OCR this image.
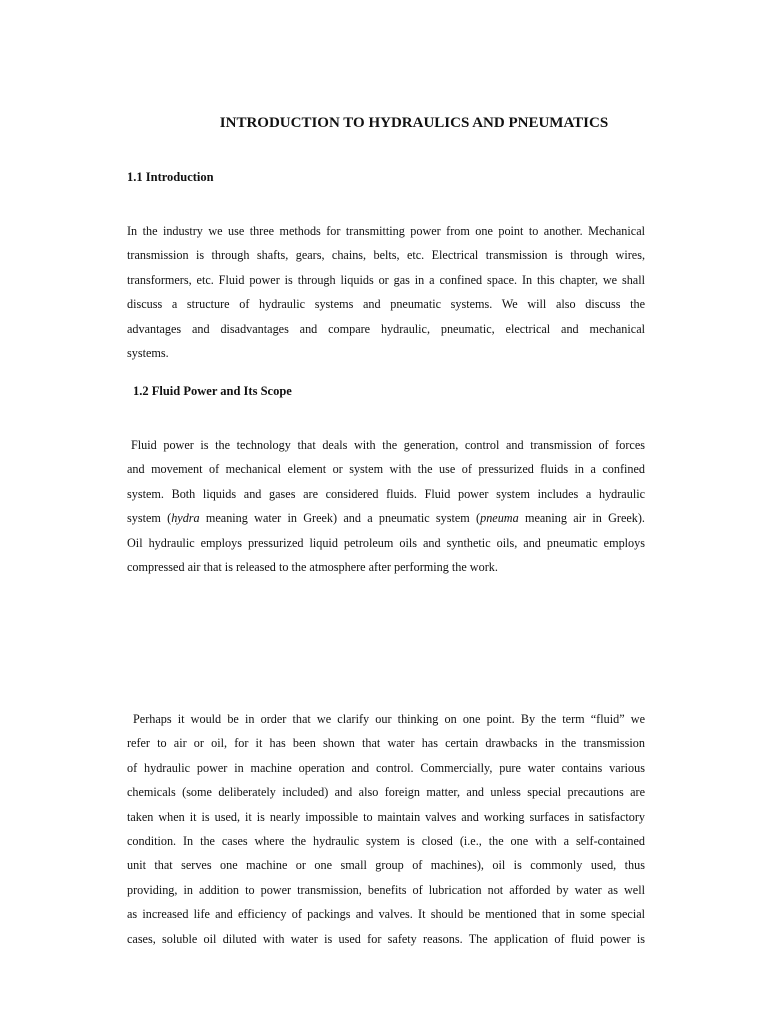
INTRODUCTION TO HYDRAULICS AND PNEUMATICS
1.1 Introduction
In the industry we use three methods for transmitting power from one point to another. Mechanical
transmission is through shafts, gears, chains, belts, etc. Electrical transmission is through wires,
transformers, etc. Fluid power is through liquids or gas in a confined space. In this chapter, we shall
discuss a structure of hydraulic systems and pneumatic systems. We will also discuss the
advantages and disadvantages and compare hydraulic, pneumatic, electrical and mechanical
systems.
1.2 Fluid Power and Its Scope
Fluid power is the technology that deals with the generation, control and transmission of forces
and movement of mechanical element or system with the use of pressurized fluids in a confined
system. Both liquids and gases are considered fluids. Fluid power system includes a hydraulic
system (hydra meaning water in Greek) and a pneumatic system (pneuma meaning air in Greek).
Oil hydraulic employs pressurized liquid petroleum oils and synthetic oils, and pneumatic employs
compressed air that is released to the atmosphere after performing the work.
Perhaps it would be in order that we clarify our thinking on one point. By the term “fluid” we
refer to air or oil, for it has been shown that water has certain drawbacks in the transmission
of hydraulic power in machine operation and control. Commercially, pure water contains various
chemicals (some deliberately included) and also foreign matter, and unless special precautions are
taken when it is used, it is nearly impossible to maintain valves and working surfaces in satisfactory
condition. In the cases where the hydraulic system is closed (i.e., the one with a self-contained
unit that serves one machine or one small group of machines), oil is commonly used, thus
providing, in addition to power transmission, benefits of lubrication not afforded by water as well
as increased life and efficiency of packings and valves. It should be mentioned that in some special
cases, soluble oil diluted with water is used for safety reasons. The application of fluid power is
